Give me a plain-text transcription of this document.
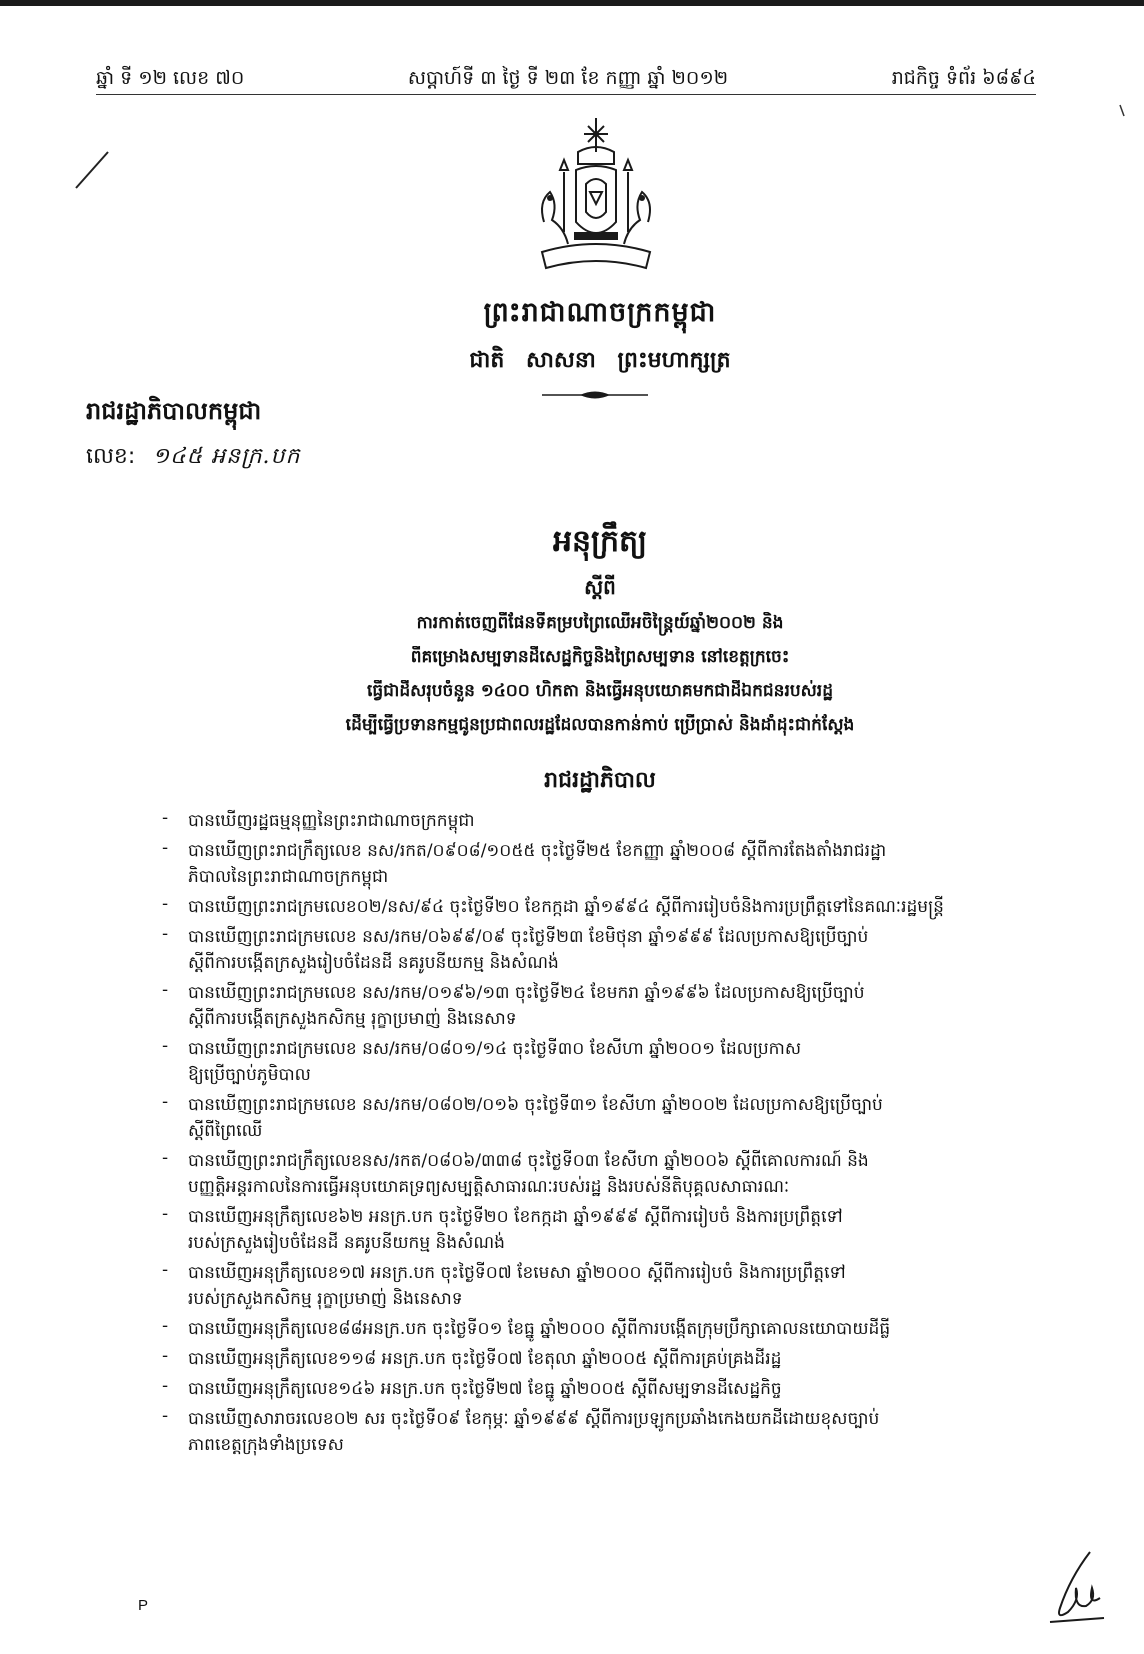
ឆ្នាំ ទី ១២ លេខ ៧០	សប្តាហ៍ទី ៣ ថ្ងៃ ទី ២៣ ខែ កញ្ញា ឆ្នាំ ២០១២	រាជកិច្ច ទំព័រ ៦៨៩៤
ព្រះរាជាណាចក្រកម្ពុជា
ជាតិ សាសនា ព្រះមហាក្សត្រ
រាជរដ្ឋាភិបាលកម្ពុជា
លេខ: ១៤៥ អនក្រ.បក
អនុក្រឹត្យ
ស្តីពី
ការកាត់ចេញពីផែនទីគម្របព្រៃឈើអចិន្ត្រៃយ៍ឆ្នាំ២០០២ និង
ពីគម្រោងសម្បទានដីសេដ្ឋកិច្ចនិងព្រៃសម្បទាន នៅខេត្តក្រចេះ
ធ្វើជាដីសរុបចំនួន ១៤០០ ហិកតា និងធ្វើអនុបយោគមកជាដីឯកជនរបស់រដ្ឋ
ដើម្បីធ្វើប្រទានកម្មជូនប្រជាពលរដ្ឋដែលបានកាន់កាប់ ប្រើប្រាស់ និងដាំដុះជាក់ស្តែង
រាជរដ្ឋាភិបាល
- បានឃើញរដ្ឋធម្មនុញ្ញនៃព្រះរាជាណាចក្រកម្ពុជា
- បានឃើញព្រះរាជក្រឹត្យលេខ នស/រកត/០៩០៨/១០៥៥ ចុះថ្ងៃទី២៥ ខែកញ្ញា ឆ្នាំ២០០៨ ស្តីពីការតែងតាំងរាជរដ្ឋា
ភិបាលនៃព្រះរាជាណាចក្រកម្ពុជា
- បានឃើញព្រះរាជក្រមលេខ០២/នស/៩៤ ចុះថ្ងៃទី២០ ខែកក្កដា ឆ្នាំ១៩៩៤ ស្តីពីការរៀបចំនិងការប្រព្រឹត្តទៅនៃគណៈរដ្ឋមន្ត្រី
- បានឃើញព្រះរាជក្រមលេខ នស/រកម/០៦៩៩/០៩ ចុះថ្ងៃទី២៣ ខែមិថុនា ឆ្នាំ១៩៩៩ ដែលប្រកាសឱ្យប្រើច្បាប់
ស្តីពីការបង្កើតក្រសួងរៀបចំដែនដី នគរូបនីយកម្ម និងសំណង់
- បានឃើញព្រះរាជក្រមលេខ នស/រកម/០១៩៦/១៣ ចុះថ្ងៃទី២៤ ខែមករា ឆ្នាំ១៩៩៦ ដែលប្រកាសឱ្យប្រើច្បាប់
ស្តីពីការបង្កើតក្រសួងកសិកម្ម រុក្ខាប្រមាញ់ និងនេសាទ
- បានឃើញព្រះរាជក្រមលេខ នស/រកម/០៨០១/១៤ ចុះថ្ងៃទី៣០ ខែសីហា ឆ្នាំ២០០១ ដែលប្រកាស
ឱ្យប្រើច្បាប់ភូមិបាល
- បានឃើញព្រះរាជក្រមលេខ នស/រកម/០៨០២/០១៦ ចុះថ្ងៃទី៣១ ខែសីហា ឆ្នាំ២០០២ ដែលប្រកាសឱ្យប្រើច្បាប់
ស្តីពីព្រៃឈើ
- បានឃើញព្រះរាជក្រឹត្យលេខនស/រកត/០៨០៦/៣៣៨ ចុះថ្ងៃទី០៣ ខែសីហា ឆ្នាំ២០០៦ ស្តីពីគោលការណ៍ និង
បញ្ញត្តិអន្តរកាលនៃការធ្វើអនុបយោគទ្រព្យសម្បត្តិសាធារណៈរបស់រដ្ឋ និងរបស់នីតិបុគ្គលសាធារណៈ
- បានឃើញអនុក្រឹត្យលេខ៦២ អនក្រ.បក ចុះថ្ងៃទី២០ ខែកក្កដា ឆ្នាំ១៩៩៩ ស្តីពីការរៀបចំ និងការប្រព្រឹត្តទៅ
របស់ក្រសួងរៀបចំដែនដី នគរូបនីយកម្ម និងសំណង់
- បានឃើញអនុក្រឹត្យលេខ១៧ អនក្រ.បក ចុះថ្ងៃទី០៧ ខែមេសា ឆ្នាំ២០០០ ស្តីពីការរៀបចំ និងការប្រព្រឹត្តទៅ
របស់ក្រសួងកសិកម្ម រុក្ខាប្រមាញ់ និងនេសាទ
- បានឃើញអនុក្រឹត្យលេខ៨៨អនក្រ.បក ចុះថ្ងៃទី០១ ខែធ្នូ ឆ្នាំ២០០០ ស្តីពីការបង្កើតក្រុមប្រឹក្សាគោលនយោបាយដីធ្លី
- បានឃើញអនុក្រឹត្យលេខ១១៨ អនក្រ.បក ចុះថ្ងៃទី០៧ ខែតុលា ឆ្នាំ២០០៥ ស្តីពីការគ្រប់គ្រងដីរដ្ឋ
- បានឃើញអនុក្រឹត្យលេខ១៤៦ អនក្រ.បក ចុះថ្ងៃទី២៧ ខែធ្នូ ឆ្នាំ២០០៥ ស្តីពីសម្បទានដីសេដ្ឋកិច្ច
- បានឃើញសារាចរលេខ០២ សរ ចុះថ្ងៃទី០៩ ខែកុម្ភៈ ឆ្នាំ១៩៩៩ ស្តីពីការប្រឡូកប្រឆាំងកេងយកដីដោយខុសច្បាប់
ភាពខេត្តក្រុងទាំងប្រទេស
P
